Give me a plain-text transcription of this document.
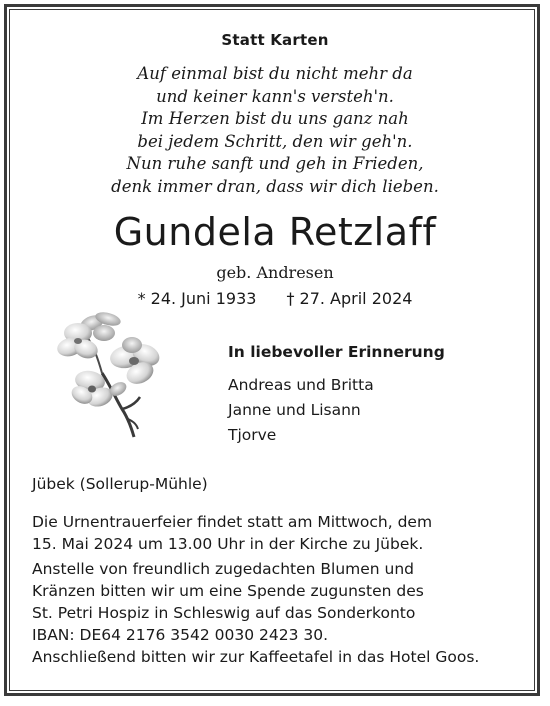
Statt Karten
Auf einmal bist du nicht mehr da
und keiner kann's versteh'n.
Im Herzen bist du uns ganz nah
bei jedem Schritt, den wir geh'n.
Nun ruhe sanft und geh in Frieden,
denk immer dran, dass wir dich lieben.
Gundela Retzlaff
geb. Andresen
* 24. Juni 1933 † 27. April 2024
In liebevoller Erinnerung
Andreas und Britta
Janne und Lisann
Tjorve
Jübek (Sollerup-Mühle)
Die Urnentrauerfeier findet statt am Mittwoch, dem
15. Mai 2024 um 13.00 Uhr in der Kirche zu Jübek.
Anstelle von freundlich zugedachten Blumen und
Kränzen bitten wir um eine Spende zugunsten des
St. Petri Hospiz in Schleswig auf das Sonderkonto
IBAN: DE64 2176 3542 0030 2423 30.
Anschließend bitten wir zur Kaffeetafel in das Hotel Goos.
